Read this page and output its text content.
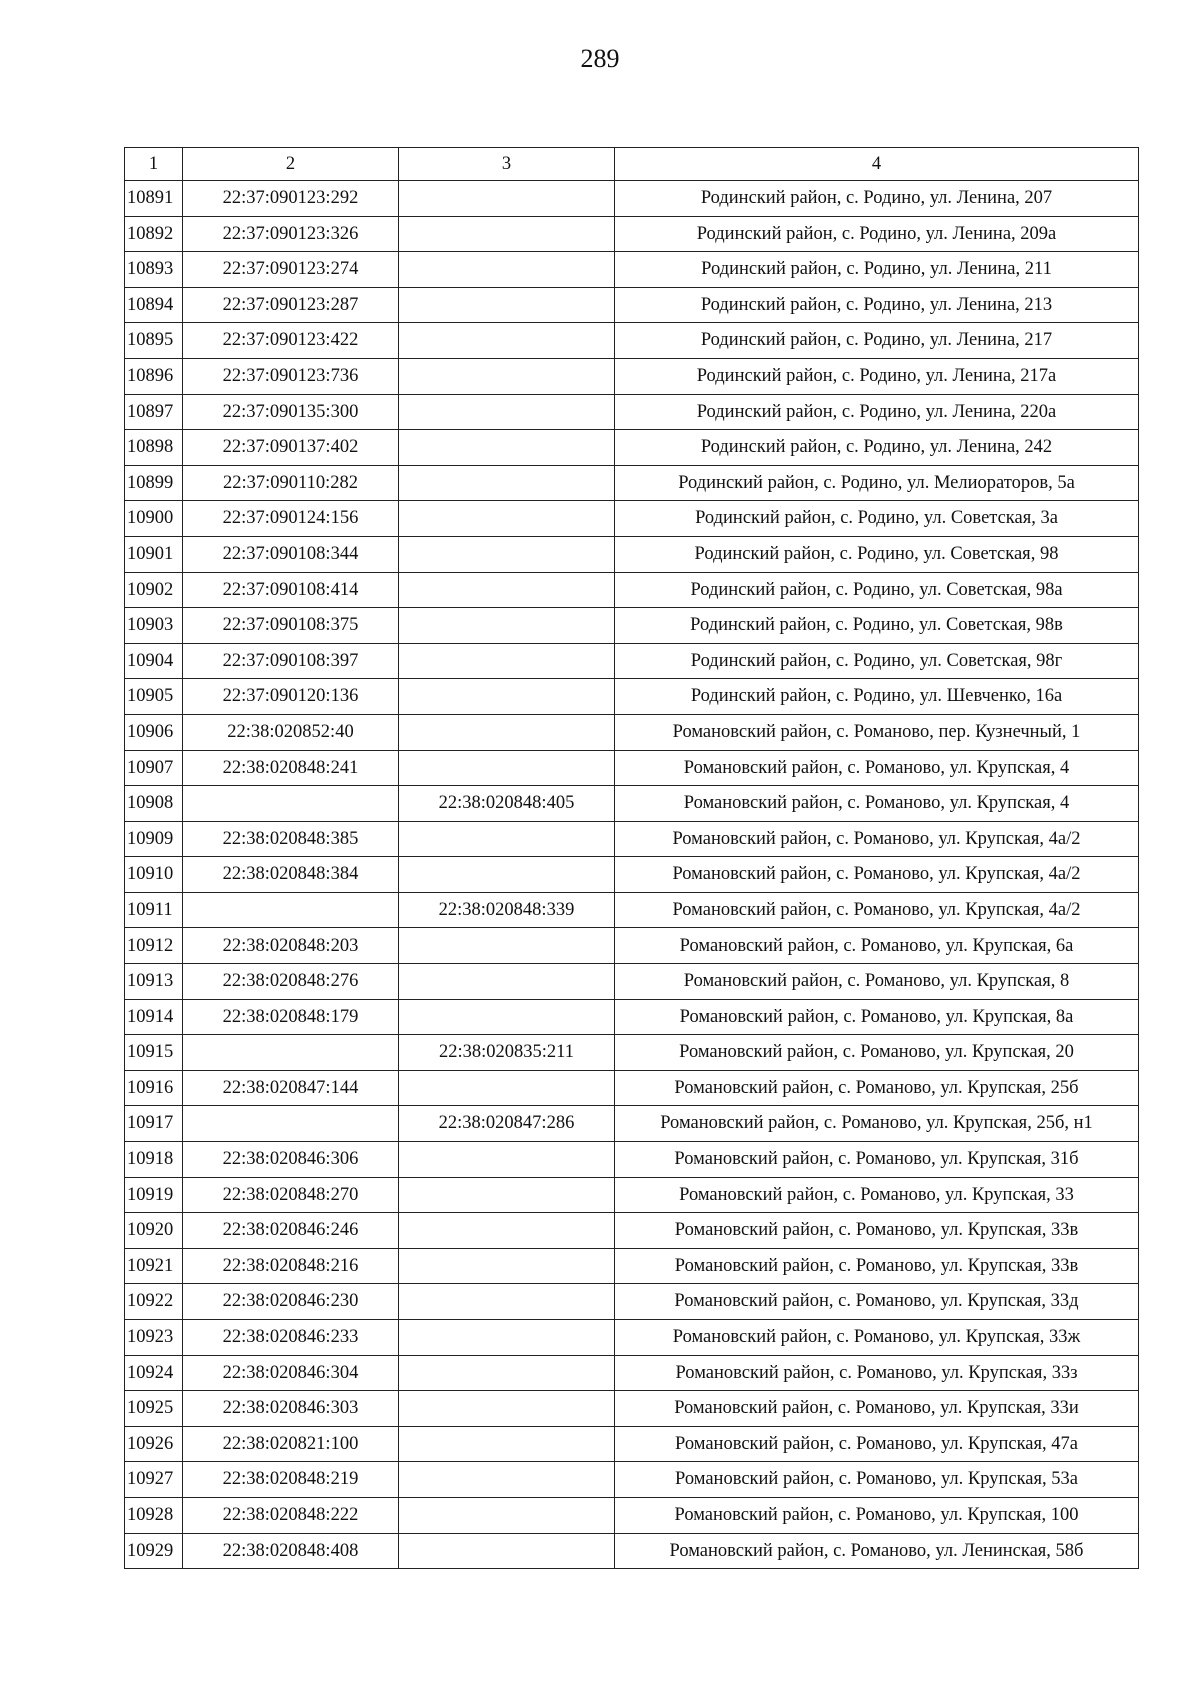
289
1	2	3	4
10891	22:37:090123:292		Родинский район, с. Родино, ул. Ленина, 207
10892	22:37:090123:326		Родинский район, с. Родино, ул. Ленина, 209а
10893	22:37:090123:274		Родинский район, с. Родино, ул. Ленина, 211
10894	22:37:090123:287		Родинский район, с. Родино, ул. Ленина, 213
10895	22:37:090123:422		Родинский район, с. Родино, ул. Ленина, 217
10896	22:37:090123:736		Родинский район, с. Родино, ул. Ленина, 217а
10897	22:37:090135:300		Родинский район, с. Родино, ул. Ленина, 220а
10898	22:37:090137:402		Родинский район, с. Родино, ул. Ленина, 242
10899	22:37:090110:282		Родинский район, с. Родино, ул. Мелиораторов, 5а
10900	22:37:090124:156		Родинский район, с. Родино, ул. Советская, 3а
10901	22:37:090108:344		Родинский район, с. Родино, ул. Советская, 98
10902	22:37:090108:414		Родинский район, с. Родино, ул. Советская, 98а
10903	22:37:090108:375		Родинский район, с. Родино, ул. Советская, 98в
10904	22:37:090108:397		Родинский район, с. Родино, ул. Советская, 98г
10905	22:37:090120:136		Родинский район, с. Родино, ул. Шевченко, 16а
10906	22:38:020852:40		Романовский район, с. Романово, пер. Кузнечный, 1
10907	22:38:020848:241		Романовский район, с. Романово, ул. Крупская, 4
10908		22:38:020848:405	Романовский район, с. Романово, ул. Крупская, 4
10909	22:38:020848:385		Романовский район, с. Романово, ул. Крупская, 4а/2
10910	22:38:020848:384		Романовский район, с. Романово, ул. Крупская, 4а/2
10911		22:38:020848:339	Романовский район, с. Романово, ул. Крупская, 4а/2
10912	22:38:020848:203		Романовский район, с. Романово, ул. Крупская, 6а
10913	22:38:020848:276		Романовский район, с. Романово, ул. Крупская, 8
10914	22:38:020848:179		Романовский район, с. Романово, ул. Крупская, 8а
10915		22:38:020835:211	Романовский район, с. Романово, ул. Крупская, 20
10916	22:38:020847:144		Романовский район, с. Романово, ул. Крупская, 25б
10917		22:38:020847:286	Романовский район, с. Романово, ул. Крупская, 25б, н1
10918	22:38:020846:306		Романовский район, с. Романово, ул. Крупская, 31б
10919	22:38:020848:270		Романовский район, с. Романово, ул. Крупская, 33
10920	22:38:020846:246		Романовский район, с. Романово, ул. Крупская, 33в
10921	22:38:020848:216		Романовский район, с. Романово, ул. Крупская, 33в
10922	22:38:020846:230		Романовский район, с. Романово, ул. Крупская, 33д
10923	22:38:020846:233		Романовский район, с. Романово, ул. Крупская, 33ж
10924	22:38:020846:304		Романовский район, с. Романово, ул. Крупская, 33з
10925	22:38:020846:303		Романовский район, с. Романово, ул. Крупская, 33и
10926	22:38:020821:100		Романовский район, с. Романово, ул. Крупская, 47а
10927	22:38:020848:219		Романовский район, с. Романово, ул. Крупская, 53а
10928	22:38:020848:222		Романовский район, с. Романово, ул. Крупская, 100
10929	22:38:020848:408		Романовский район, с. Романово, ул. Ленинская, 58б
